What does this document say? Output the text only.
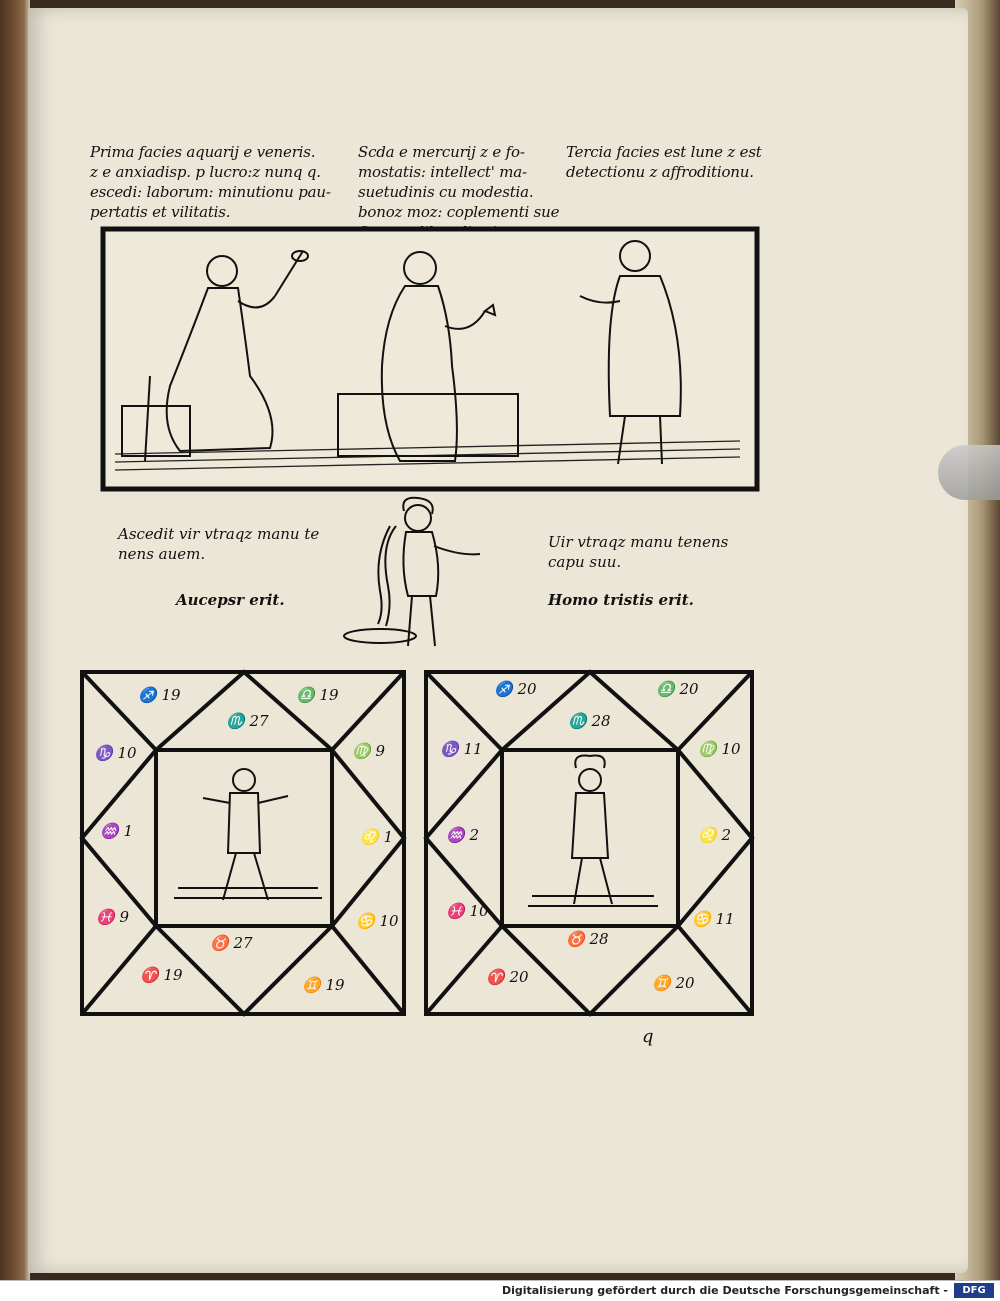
Prima facies aquarij e veneris.
z e anxiadisp. p lucro:z nunq q.
escedi: laborum: minutionu pau-
pertatis et vilitatis.
Scda e mercurij z e fo-
mostatis: intellect' ma-
suetudinis cu modestia.
bonoz moz: coplementi sue
Tercia facies est lune z est
detectionu z affroditionu.
Ascedit vir vtraqz manu te
nens auem.
Aucepsr erit.
Uir vtraqz manu tenens
capu suu.
Homo tristis erit.
♐ 19
♏ 27
♎ 19
♑ 10	♍ 9
♒ 1	♌ 1
♓ 9	♋ 10
♈ 19
♉ 27
♊ 19
♐ 20
♏ 28
♎ 20
♑ 11	♍ 10
♒ 2	♌ 2
♓ 10	♋ 11
♈ 20
♉ 28
♊ 20
q
Digitalisierung gefördert durch die Deutsche Forschungsgemeinschaft -	DFG
